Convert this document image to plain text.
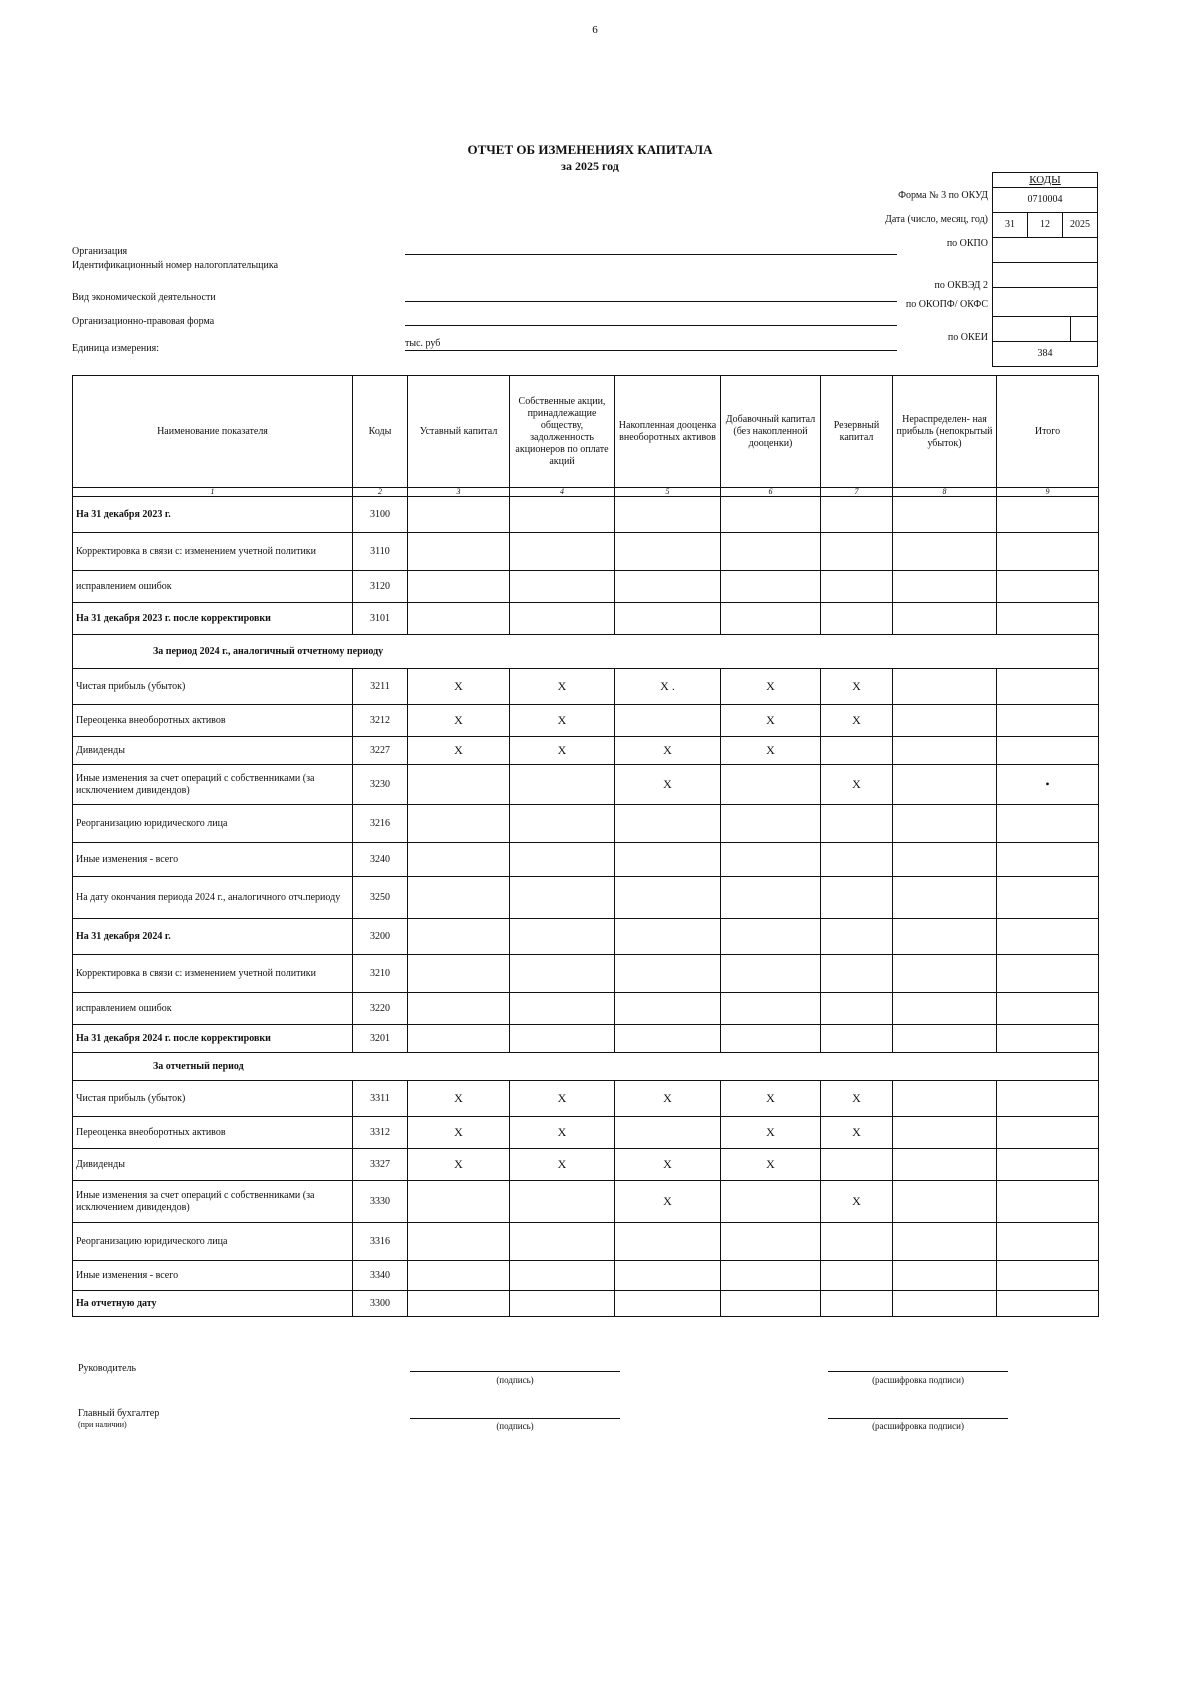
6
ОТЧЕТ ОБ ИЗМЕНЕНИЯХ КАПИТАЛА
за 2025 год
Форма № 3 по ОКУД
Дата (число, месяц, год)
по ОКПО
по ОКВЭД 2
по ОКОПФ/ ОКФС
по ОКЕИ
КОДЫ
0710004
31	12	2025
384
Организация
Идентификационный номер налогоплательщика
Вид экономической деятельности
Организационно-правовая форма
Единица измерения:	тыс. руб
Наименование показателя	Коды	Уставный капитал	Собственные акции, принадлежащие обществу, задолженность акционеров по оплате акций	Накопленная дооценка внеоборотных активов	Добавочный капитал (без накопленной дооценки)	Резервный капитал	Нераспределен- ная прибыль (непокрытый убыток)	Итого
1	2	3	4	5	6	7	8	9
На 31 декабря 2023 г.	3100							
Корректировка в связи с: изменением учетной политики	3110							
исправлением ошибок	3120							
На 31 декабря 2023 г. после корректировки	3101							
За период 2024 г., аналогичный отчетному периоду								
Чистая прибыль (убыток)	3211	X	X	X .	X	X		
Переоценка внеоборотных активов	3212	X	X		X	X		
Дивиденды	3227	X	X	X	X			
Иные изменения за счет операций с собственниками (за исключением дивидендов)	3230			X		X		•
Реорганизацию юридического лица	3216							
Иные изменения - всего	3240							
На дату окончания периода 2024 г., аналогичного отч.периоду	3250							
На 31 декабря 2024 г.	3200							
Корректировка в связи с: изменением учетной политики	3210							
исправлением ошибок	3220							
На 31 декабря 2024 г. после корректировки	3201							
За отчетный период								
Чистая прибыль (убыток)	3311	X	X	X	X	X		
Переоценка внеоборотных активов	3312	X	X		X	X		
Дивиденды	3327	X	X	X	X			
Иные изменения за счет операций с собственниками (за исключением дивидендов)	3330			X		X		
Реорганизацию юридического лица	3316							
Иные изменения - всего	3340							
На отчетную дату	3300							
Руководитель
(подпись)	(расшифровка подписи)
Главный бухгалтер
(при наличии)	(подпись)	(расшифровка подписи)
